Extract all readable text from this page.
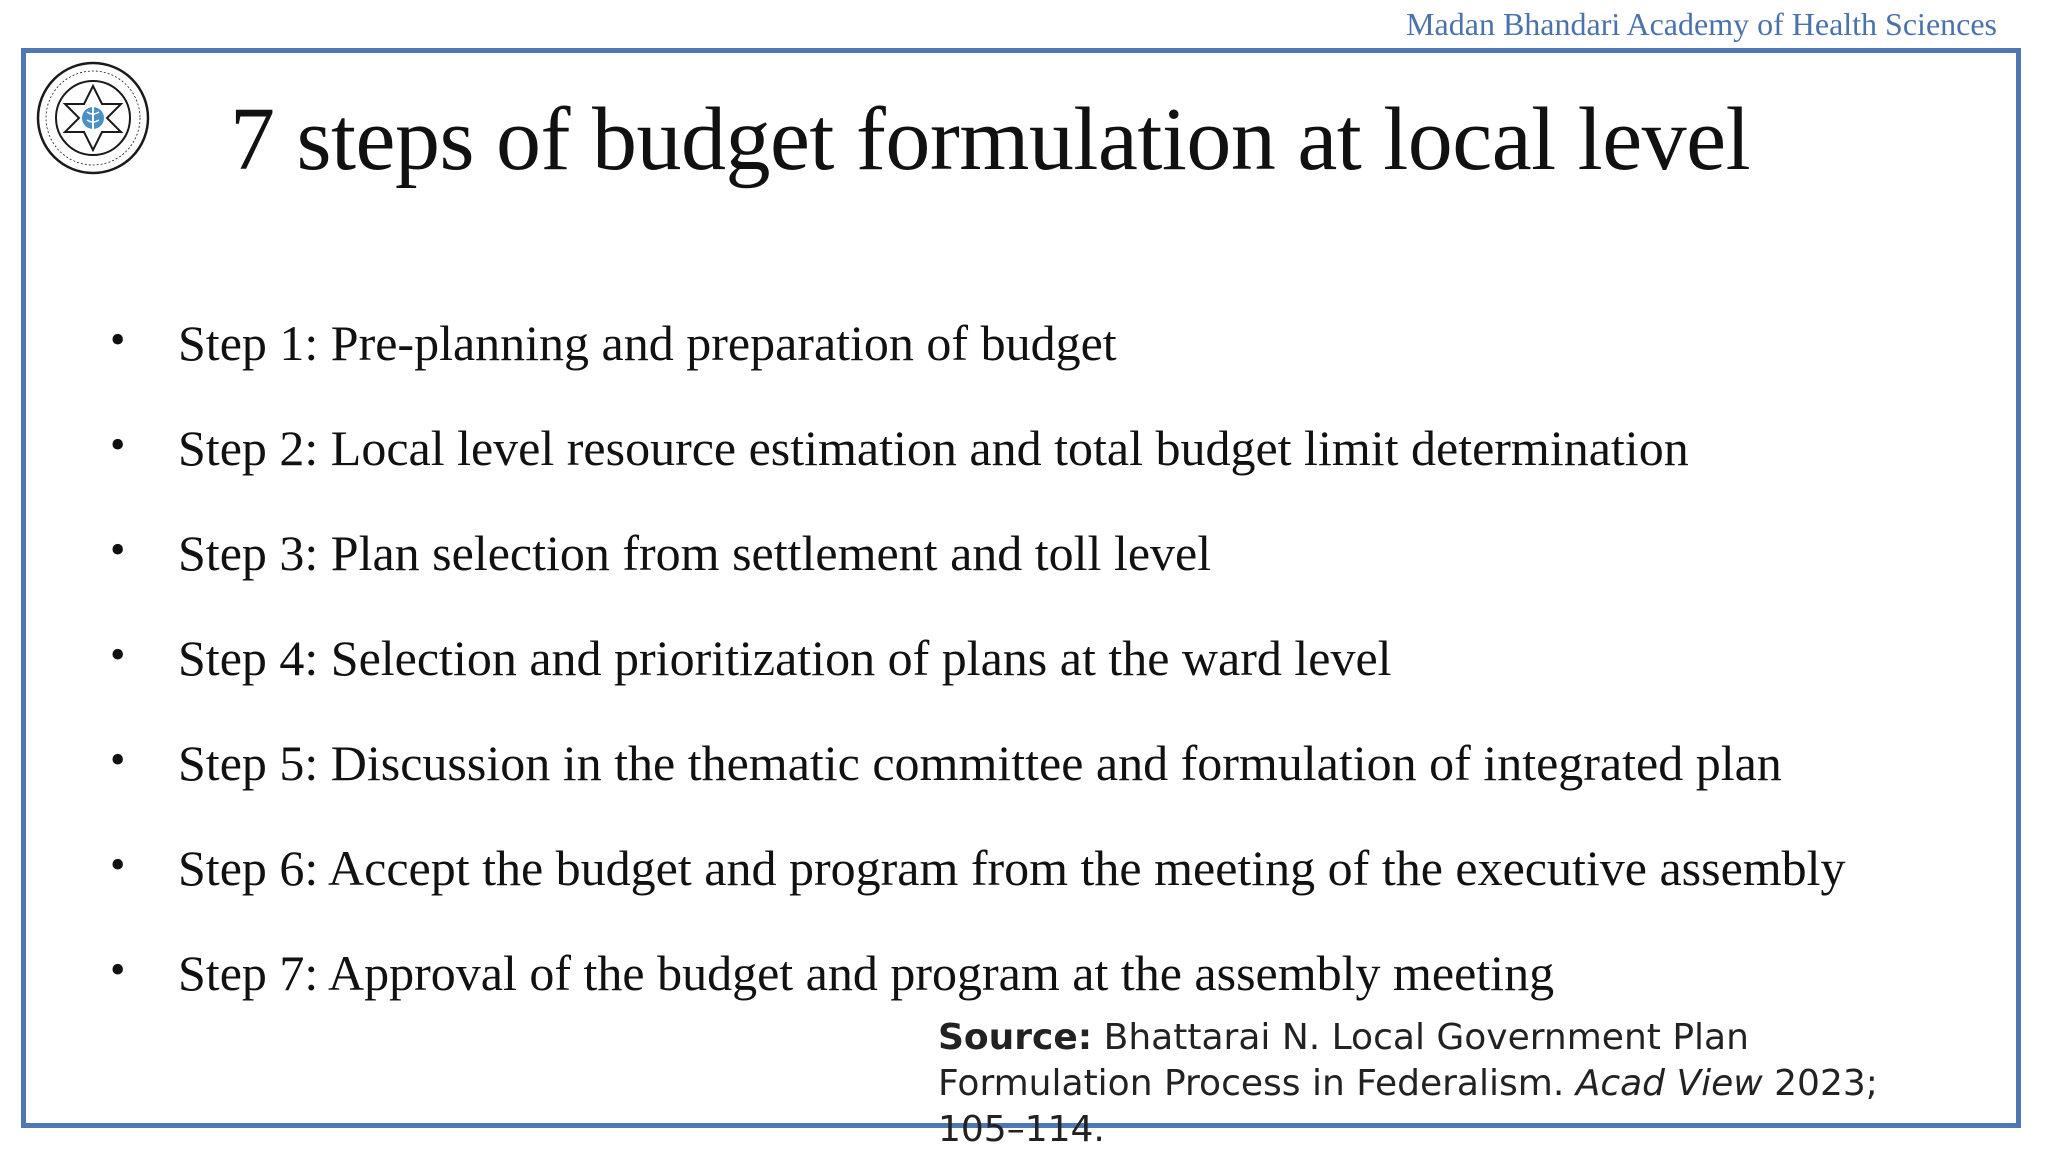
Madan Bhandari Academy of Health Sciences
7 steps of budget formulation at local level
• Step 1: Pre-planning and preparation of budget
• Step 2: Local level resource estimation and total budget limit determination
• Step 3: Plan selection from settlement and toll level
• Step 4: Selection and prioritization of plans at the ward level
• Step 5: Discussion in the thematic committee and formulation of integrated plan
• Step 6: Accept the budget and program from the meeting of the executive assembly
• Step 7: Approval of the budget and program at the assembly meeting
Source: Bhattarai N. Local Government Plan Formulation Process in Federalism. Acad View 2023; 105–114.
